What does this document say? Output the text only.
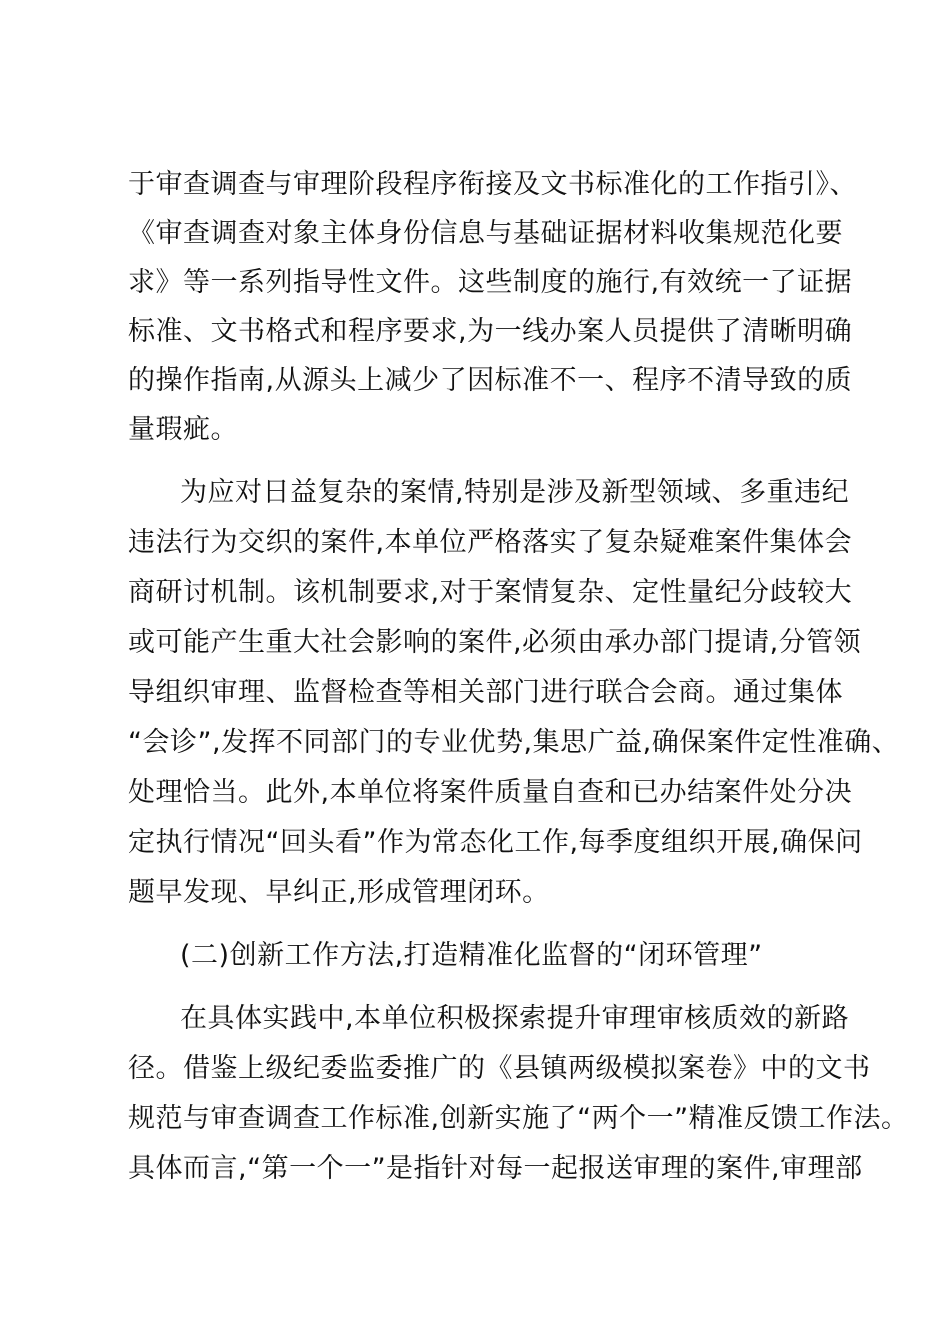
于审查调查与审理阶段程序衔接及文书标准化的工作指引》、
《审查调查对象主体身份信息与基础证据材料收集规范化要
求》等一系列指导性文件。这些制度的施行,有效统一了证据
标准、文书格式和程序要求,为一线办案人员提供了清晰明确
的操作指南,从源头上减少了因标准不一、程序不清导致的质
量瑕疵。
为应对日益复杂的案情,特别是涉及新型领域、多重违纪
违法行为交织的案件,本单位严格落实了复杂疑难案件集体会
商研讨机制。该机制要求,对于案情复杂、定性量纪分歧较大
或可能产生重大社会影响的案件,必须由承办部门提请,分管领
导组织审理、监督检查等相关部门进行联合会商。通过集体
“会诊”,发挥不同部门的专业优势,集思广益,确保案件定性准确、
处理恰当。此外,本单位将案件质量自查和已办结案件处分决
定执行情况“回头看”作为常态化工作,每季度组织开展,确保问
题早发现、早纠正,形成管理闭环。
(二)创新工作方法,打造精准化监督的“闭环管理”
在具体实践中,本单位积极探索提升审理审核质效的新路
径。借鉴上级纪委监委推广的《县镇两级模拟案卷》中的文书
规范与审查调查工作标准,创新实施了“两个一”精准反馈工作法。
具体而言,“第一个一”是指针对每一起报送审理的案件,审理部
